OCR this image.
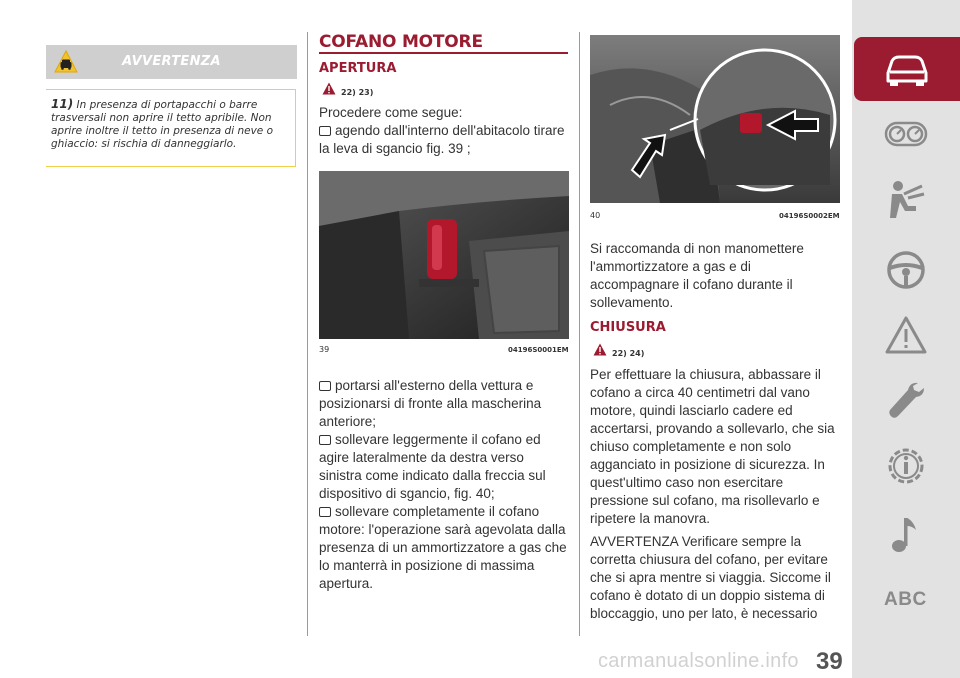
AVVERTENZA
11) In presenza di portapacchi o barre trasversali non aprire il tetto apribile. Non aprire inoltre il tetto in presenza di neve o ghiaccio: si rischia di danneggiarlo.
COFANO MOTORE
APERTURA
22) 23)
Procedere come segue:
agendo dall'interno dell'abitacolo tirare la leva di sgancio fig. 39 ;
39	04196S0001EM
portarsi all'esterno della vettura e posizionarsi di fronte alla mascherina anteriore;
sollevare leggermente il cofano ed agire lateralmente da destra verso sinistra come indicato dalla freccia sul dispositivo di sgancio, fig. 40;
sollevare completamente il cofano motore: l'operazione sarà agevolata dalla presenza di un ammortizzatore a gas che lo manterrà in posizione di massima apertura.
40	04196S0002EM
Si raccomanda di non manomettere l'ammortizzatore a gas e di accompagnare il cofano durante il sollevamento.
CHIUSURA
22) 24)
Per effettuare la chiusura, abbassare il cofano a circa 40 centimetri dal vano motore, quindi lasciarlo cadere ed accertarsi, provando a sollevarlo, che sia chiuso completamente e non solo agganciato in posizione di sicurezza. In quest'ultimo caso non esercitare pressione sul cofano, ma risollevarlo e ripetere la manovra.
AVVERTENZA Verificare sempre la corretta chiusura del cofano, per evitare che si apra mentre si viaggia. Siccome il cofano è dotato di un doppio sistema di bloccaggio, uno per lato, è necessario
ABC
carmanualsonline.info 39
